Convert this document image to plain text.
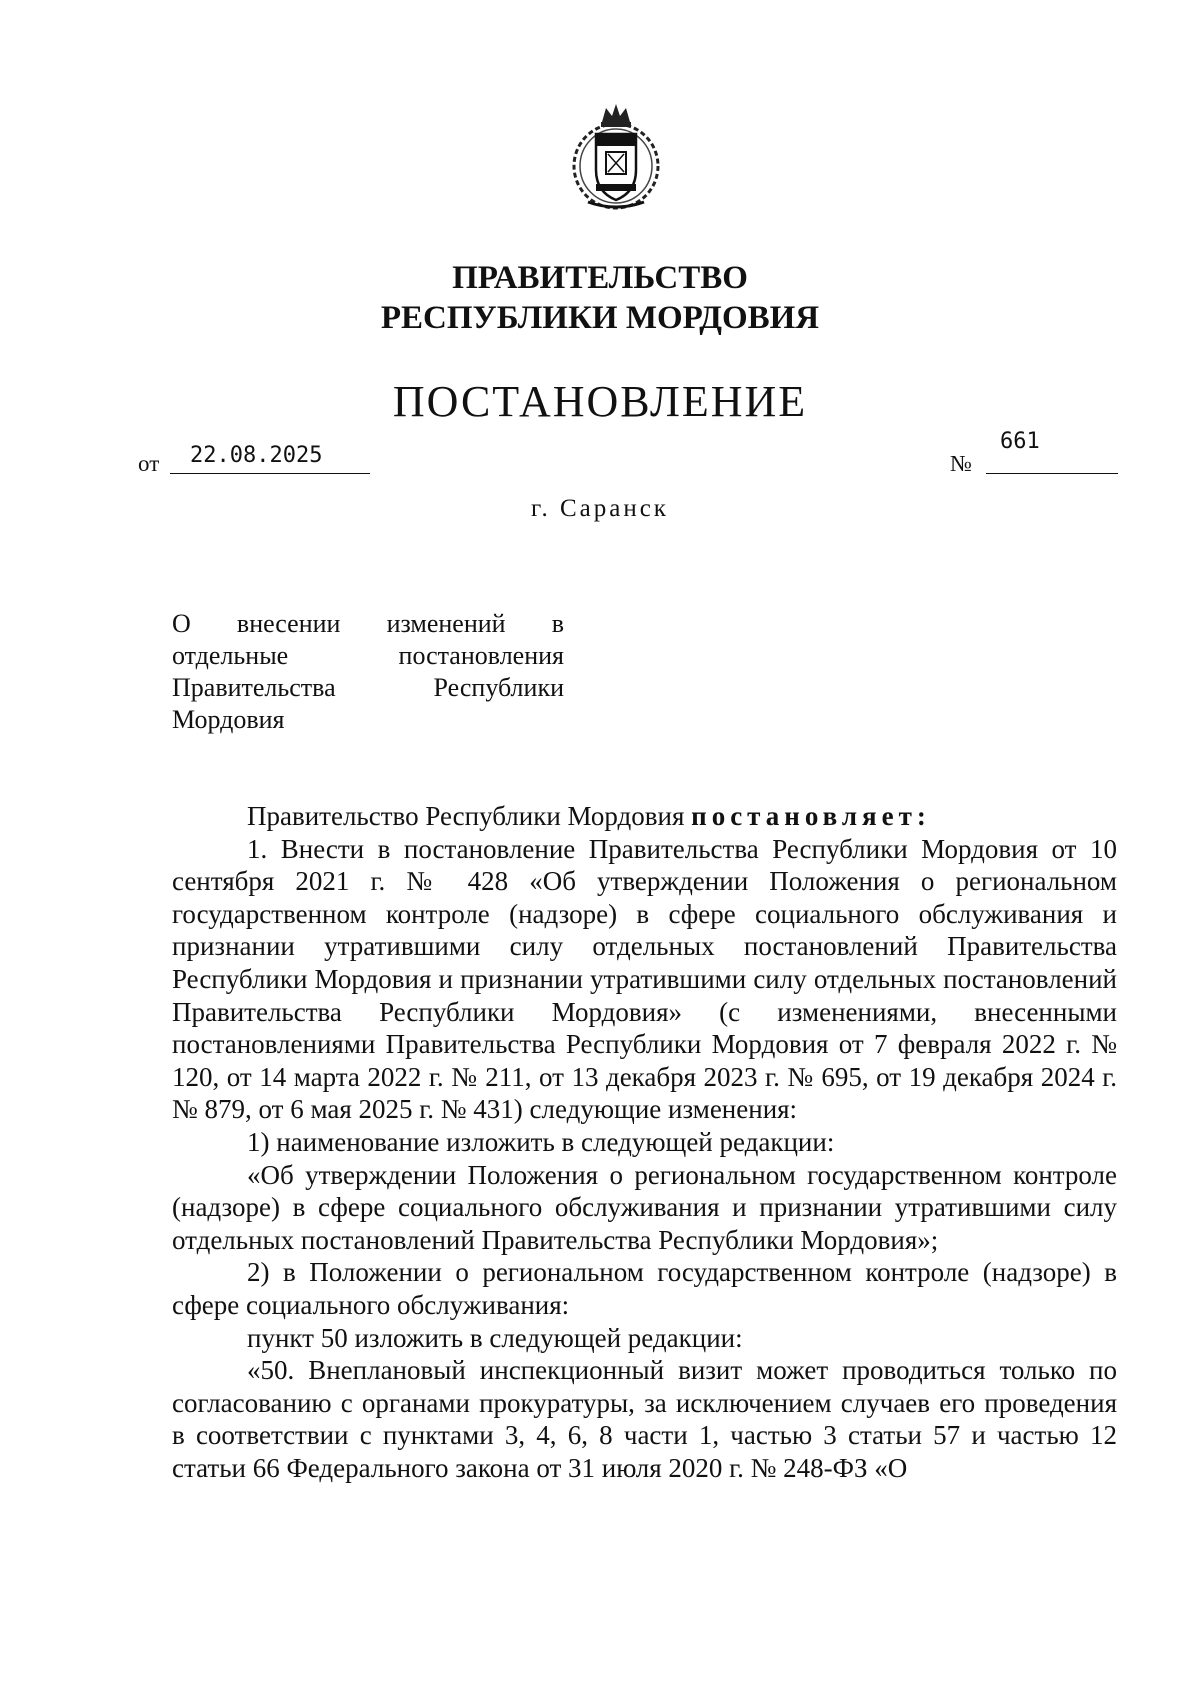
ПРАВИТЕЛЬСТВО
РЕСПУБЛИКИ МОРДОВИЯ
ПОСТАНОВЛЕНИЕ
от 22.08.2025	№
661
г. Саранск
О внесении изменений в
отдельные постановления
Правительства Республики
Мордовия

Правительство Республики Мордовия постановляет:

1. Внести в постановление Правительства Республики Мордовия от 10 сентября 2021 г. № 428 «Об утверждении Положения о региональном государственном контроле (надзоре) в сфере социального обслуживания и признании утратившими силу отдельных постановлений Правительства Республики Мордовия и признании утратившими силу отдельных постановлений Правительства Республики Мордовия» (с изменениями, внесенными постановлениями Правительства Республики Мордовия от 7 февраля 2022 г. № 120, от 14 марта 2022 г. № 211, от 13 декабря 2023 г. № 695, от 19 декабря 2024 г. № 879, от 6 мая 2025 г. № 431) следующие изменения:

1) наименование изложить в следующей редакции:

«Об утверждении Положения о региональном государственном контроле (надзоре) в сфере социального обслуживания и признании утратившими силу отдельных постановлений Правительства Республики Мордовия»;

2) в Положении о региональном государственном контроле (надзоре) в сфере социального обслуживания:

пункт 50 изложить в следующей редакции:

«50. Внеплановый инспекционный визит может проводиться только по согласованию с органами прокуратуры, за исключением случаев его проведения в соответствии с пунктами 3, 4, 6, 8 части 1, частью 3 статьи 57 и частью 12 статьи 66 Федерального закона от 31 июля 2020 г. № 248-ФЗ «О
